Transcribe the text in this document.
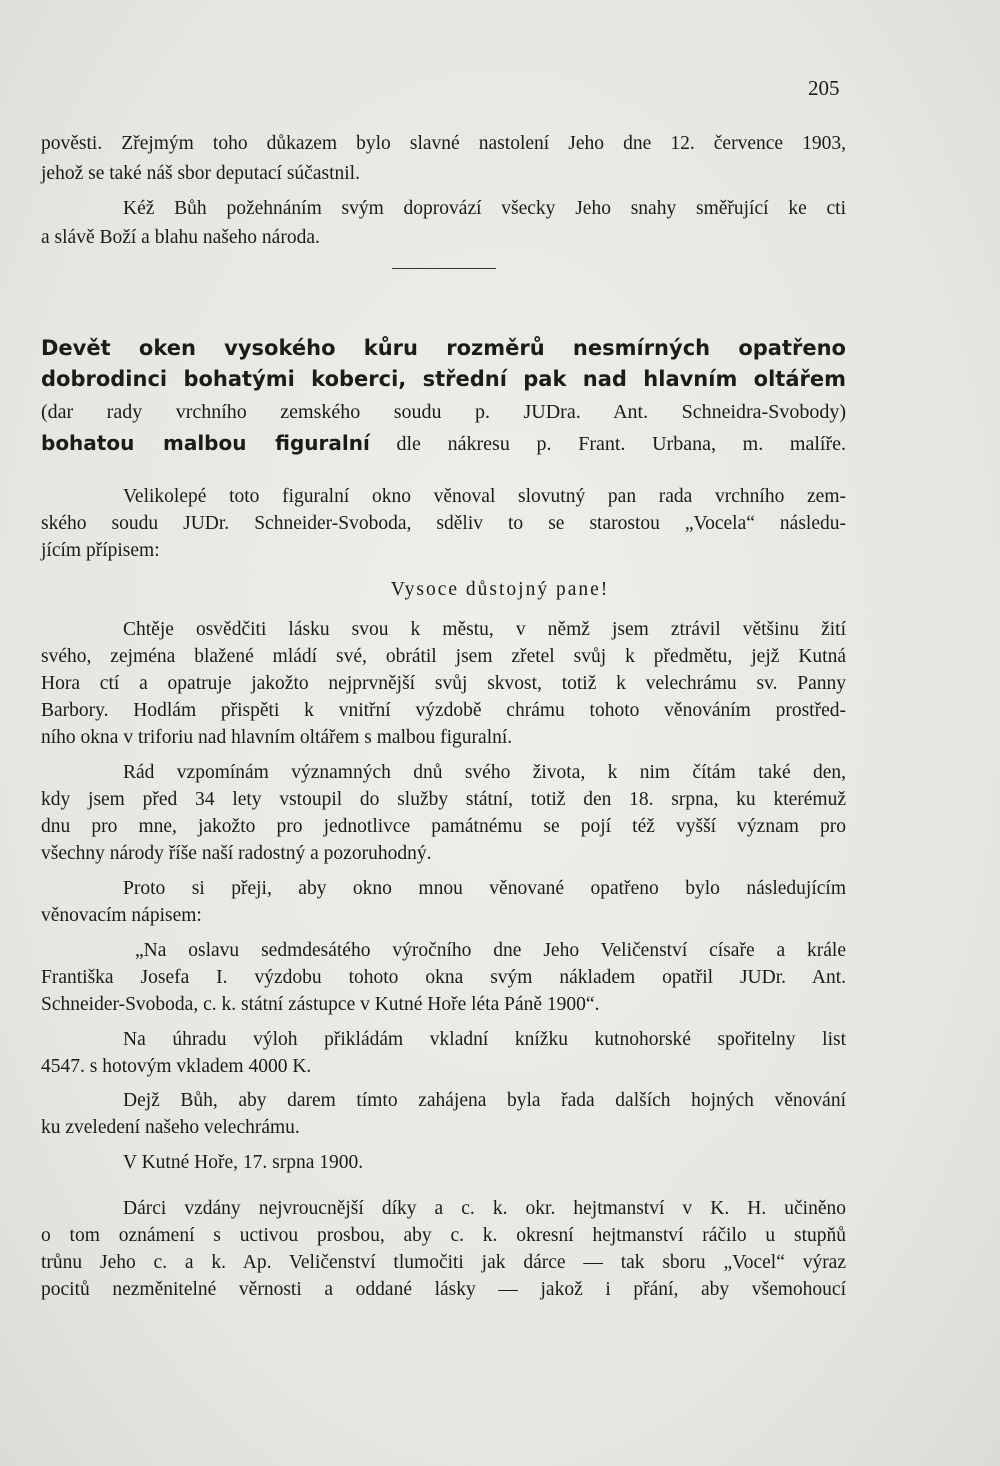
205
pověsti. Zřejmým toho důkazem bylo slavné nastolení Jeho dne 12. července 1903,
jehož se také náš sbor deputací súčastnil.
Kéž Bůh požehnáním svým doprovází všecky Jeho snahy směřující ke cti
a slávě Boží a blahu našeho národa.
Devět oken vysokého kůru rozměrů nesmírných opatřeno
dobrodinci bohatými koberci, střední pak nad hlavním oltářem
(dar rady vrchního zemského soudu p. JUDra. Ant. Schneidra-Svobody)
bohatou malbou figuralní dle nákresu p. Frant. Urbana, m. malíře.
Velikolepé toto figuralní okno věnoval slovutný pan rada vrchního zem-
ského soudu JUDr. Schneider-Svoboda, sděliv to se starostou „Vocela“ následu-
jícím přípisem:
Vysoce důstojný pane!
Chtěje osvědčiti lásku svou k městu, v němž jsem ztrávil většinu žití
svého, zejména blažené mládí své, obrátil jsem zřetel svůj k předmětu, jejž Kutná
Hora ctí a opatruje jakožto nejprvnější svůj skvost, totiž k velechrámu sv. Panny
Barbory. Hodlám přispěti k vnitřní výzdobě chrámu tohoto věnováním prostřed-
ního okna v triforiu nad hlavním oltářem s malbou figuralní.
Rád vzpomínám významných dnů svého života, k nim čítám také den,
kdy jsem před 34 lety vstoupil do služby státní, totiž den 18. srpna, ku kterémuž
dnu pro mne, jakožto pro jednotlivce památnému se pojí též vyšší význam pro
všechny národy říše naší radostný a pozoruhodný.
Proto si přeji, aby okno mnou věnované opatřeno bylo následujícím
věnovacím nápisem:
„Na oslavu sedmdesátého výročního dne Jeho Veličenství císaře a krále
Františka Josefa I. výzdobu tohoto okna svým nákladem opatřil JUDr. Ant.
Schneider-Svoboda, c. k. státní zástupce v Kutné Hoře léta Páně 1900“.
Na úhradu výloh přikládám vkladní knížku kutnohorské spořitelny list
4547. s hotovým vkladem 4000 K.
Dejž Bůh, aby darem tímto zahájena byla řada dalších hojných věnování
ku zveledení našeho velechrámu.
V Kutné Hoře, 17. srpna 1900.
Dárci vzdány nejvroucnější díky a c. k. okr. hejtmanství v K. H. učiněno
o tom oznámení s uctivou prosbou, aby c. k. okresní hejtmanství ráčilo u stupňů
trůnu Jeho c. a k. Ap. Veličenství tlumočiti jak dárce — tak sboru „Vocel“ výraz
pocitů nezměnitelné věrnosti a oddané lásky — jakož i přání, aby všemohoucí
